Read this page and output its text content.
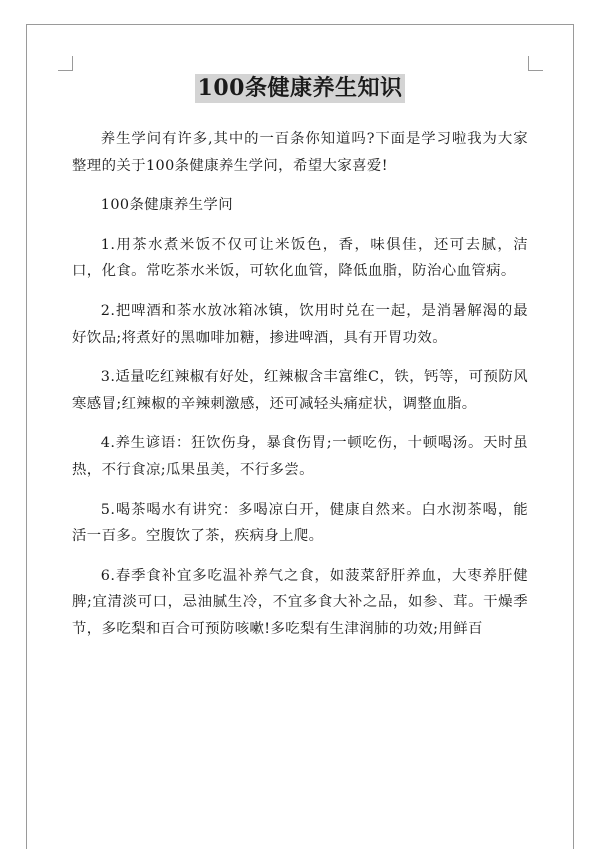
100条健康养生知识

养生学问有许多,其中的一百条你知道吗?下面是学习啦我为大家整理的关于100条健康养生学问，希望大家喜爱!

100条健康养生学问

1.用茶水煮米饭不仅可让米饭色，香，味俱佳，还可去腻，洁口，化食。常吃茶水米饭，可软化血管，降低血脂，防治心血管病。

2.把啤酒和茶水放冰箱冰镇，饮用时兑在一起，是消暑解渴的最好饮品;将煮好的黑咖啡加糖，掺进啤酒，具有开胃功效。

3.适量吃红辣椒有好处，红辣椒含丰富维C，铁，钙等，可预防风寒感冒;红辣椒的辛辣刺激感，还可减轻头痛症状，调整血脂。

4.养生谚语：狂饮伤身，暴食伤胃;一顿吃伤，十顿喝汤。天时虽热，不行食凉;瓜果虽美，不行多尝。

5.喝茶喝水有讲究：多喝凉白开，健康自然来。白水沏茶喝，能活一百多。空腹饮了茶，疾病身上爬。

6.春季食补宜多吃温补养气之食，如菠菜舒肝养血，大枣养肝健脾;宜清淡可口，忌油腻生冷，不宜多食大补之品，如参、茸。干燥季节，多吃梨和百合可预防咳嗽!多吃梨有生津润肺的功效;用鲜百
